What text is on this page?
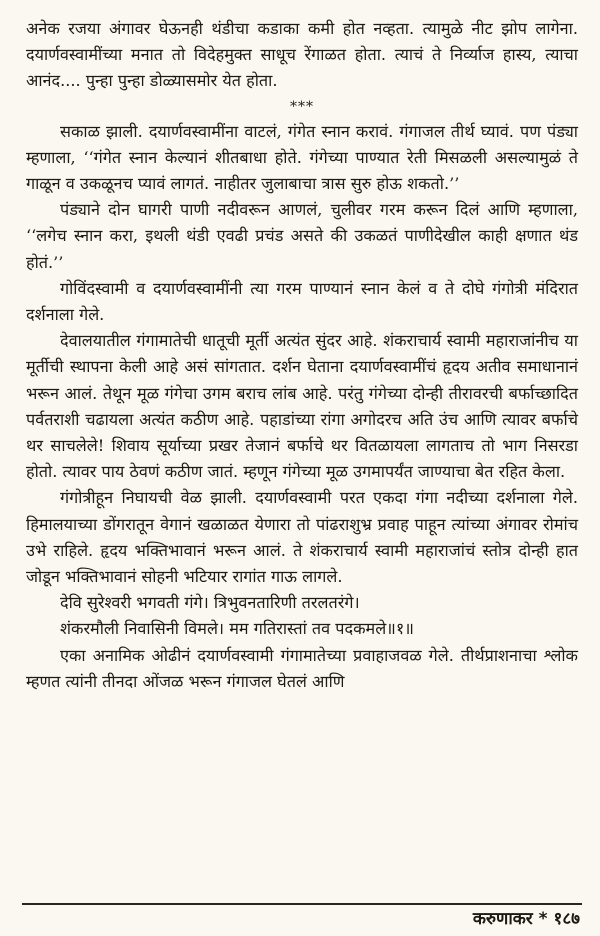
अनेक रजया अंगावर घेऊनही थंडीचा कडाका कमी होत नव्हता. त्यामुळे नीट झोप लागेना. दयार्णवस्वामींच्या मनात तो विदेहमुक्त साधूच रेंगाळत होता. त्याचं ते निर्व्याज हास्य, त्याचा आनंद.... पुन्हा पुन्हा डोळ्यासमोर येत होता.

***

सकाळ झाली. दयार्णवस्वामींना वाटलं, गंगेत स्नान करावं. गंगाजल तीर्थ घ्यावं. पण पंड्या म्हणाला, ‘‘गंगेत स्नान केल्यानं शीतबाधा होते. गंगेच्या पाण्यात रेती मिसळली असल्यामुळं ते गाळून व उकळूनच प्यावं लागतं. नाहीतर जुलाबाचा त्रास सुरु होऊ शकतो.’’

पंड्याने दोन घागरी पाणी नदीवरून आणलं, चुलीवर गरम करून दिलं आणि म्हणाला, ‘‘लगेच स्नान करा, इथली थंडी एवढी प्रचंड असते की उकळतं पाणीदेखील काही क्षणात थंड होतं.’’

गोविंदस्वामी व दयार्णवस्वामींनी त्या गरम पाण्यानं स्नान केलं व ते दोघे गंगोत्री मंदिरात दर्शनाला गेले.

देवालयातील गंगामातेची धातूची मूर्ती अत्यंत सुंदर आहे. शंकराचार्य स्वामी महाराजांनीच या मूर्तीची स्थापना केली आहे असं सांगतात. दर्शन घेताना दयार्णवस्वामींचं हृदय अतीव समाधानानं भरून आलं. तेथून मूळ गंगेचा उगम बराच लांब आहे. परंतु गंगेच्या दोन्ही तीरावरची बर्फाच्छादित पर्वतराशी चढायला अत्यंत कठीण आहे. पहाडांच्या रांगा अगोदरच अति उंच आणि त्यावर बर्फाचे थर साचलेले! शिवाय सूर्याच्या प्रखर तेजानं बर्फाचे थर वितळायला लागताच तो भाग निसरडा होतो. त्यावर पाय ठेवणं कठीण जातं. म्हणून गंगेच्या मूळ उगमापर्यंत जाण्याचा बेत रहित केला.

गंगोत्रीहून निघायची वेळ झाली. दयार्णवस्वामी परत एकदा गंगा नदीच्या दर्शनाला गेले. हिमालयाच्या डोंगरातून वेगानं खळाळत येणारा तो पांढराशुभ्र प्रवाह पाहून त्यांच्या अंगावर रोमांच उभे राहिले. हृदय भक्तिभावानं भरून आलं. ते शंकराचार्य स्वामी महाराजांचं स्तोत्र दोन्ही हात जोडून भक्तिभावानं सोहनी भटियार रागांत गाऊ लागले.

देवि सुरेश्वरी भगवती गंगे। त्रिभुवनतारिणी तरलतरंगे।

शंकरमौली निवासिनी विमले। मम गतिरास्तां तव पदकमले॥१॥

एका अनामिक ओढीनं दयार्णवस्वामी गंगामातेच्या प्रवाहाजवळ गेले. तीर्थप्राशनाचा श्लोक म्हणत त्यांनी तीनदा ओंजळ भरून गंगाजल घेतलं आणि

करुणाकर * १८७
